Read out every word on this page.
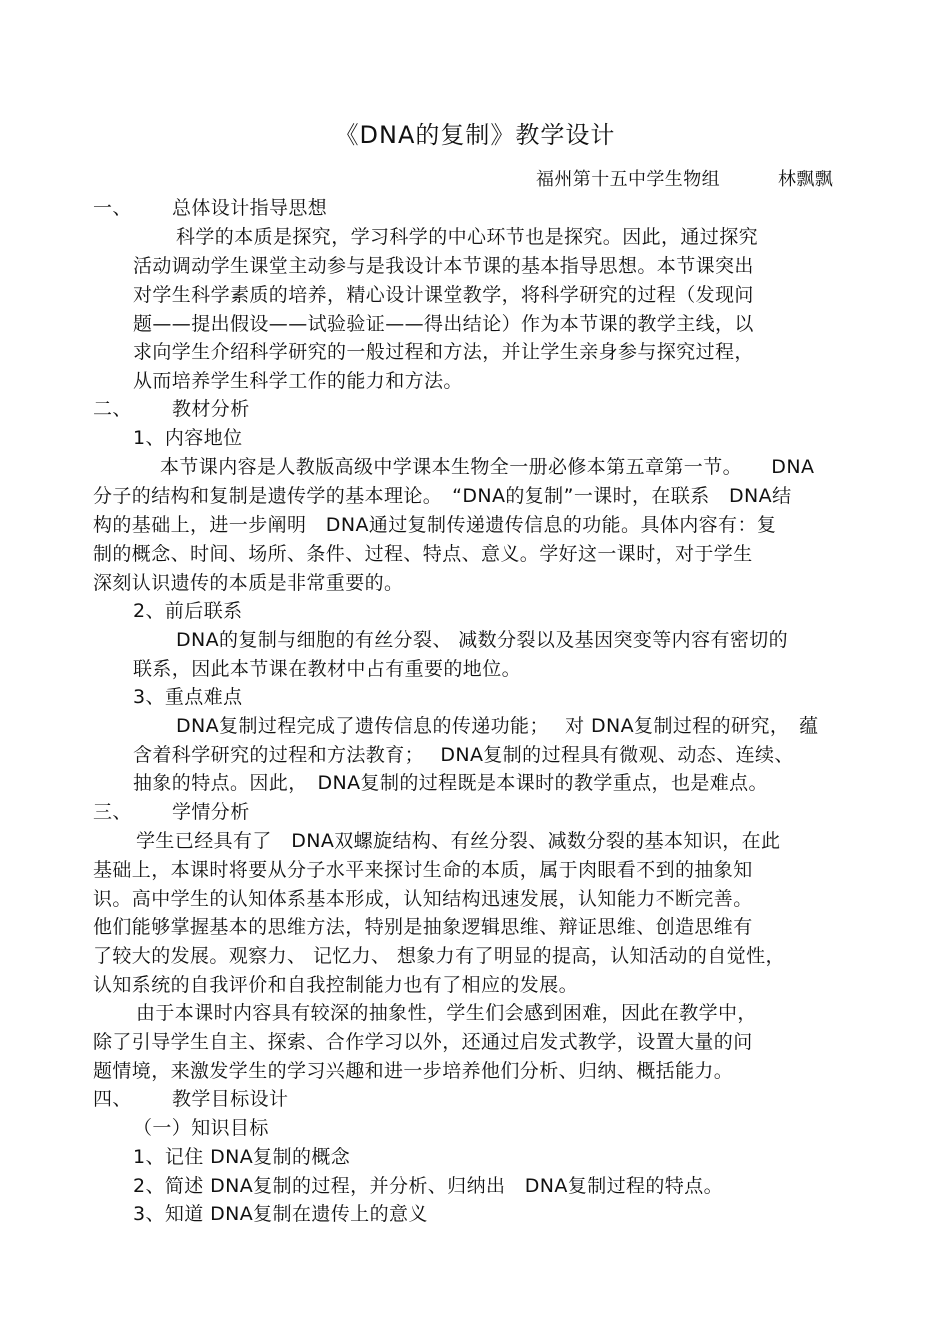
《DNA的复制》教学设计
福州第十五中学生物组	林飘飘
一、 总体设计指导思想
科学的本质是探究，学习科学的中心环节也是探究。因此，通过探究
活动调动学生课堂主动参与是我设计本节课的基本指导思想。本节课突出
对学生科学素质的培养，精心设计课堂教学，将科学研究的过程（发现问
题——提出假设——试验验证——得出结论）作为本节课的教学主线，以
求向学生介绍科学研究的一般过程和方法，并让学生亲身参与探究过程，
从而培养学生科学工作的能力和方法。
二、 教材分析
1、内容地位
本节课内容是人教版高级中学课本生物全一册必修本第五章第一节。　　DNA
分子的结构和复制是遗传学的基本理论。　“DNA的复制”一课时，在联系　DNA结
构的基础上，进一步阐明　DNA通过复制传递遗传信息的功能。具体内容有：复
制的概念、时间、场所、条件、过程、特点、意义。学好这一课时，对于学生
深刻认识遗传的本质是非常重要的。
2、前后联系
DNA的复制与细胞的有丝分裂、 减数分裂以及基因突变等内容有密切的
联系，因此本节课在教材中占有重要的地位。
3、重点难点
DNA复制过程完成了遗传信息的传递功能；　 对 DNA复制过程的研究，　蕴
含着科学研究的过程和方法教育；　 DNA复制的过程具有微观、动态、连续、
抽象的特点。因此，　DNA复制的过程既是本课时的教学重点，也是难点。
三、 学情分析
学生已经具有了　DNA双螺旋结构、有丝分裂、减数分裂的基本知识，在此
基础上，本课时将要从分子水平来探讨生命的本质，属于肉眼看不到的抽象知
识。高中学生的认知体系基本形成，认知结构迅速发展，认知能力不断完善。
他们能够掌握基本的思维方法，特别是抽象逻辑思维、辩证思维、创造思维有
了较大的发展。观察力、 记忆力、 想象力有了明显的提高，认知活动的自觉性，
认知系统的自我评价和自我控制能力也有了相应的发展。
由于本课时内容具有较深的抽象性，学生们会感到困难，因此在教学中，
除了引导学生自主、探索、合作学习以外，还通过启发式教学，设置大量的问
题情境，来激发学生的学习兴趣和进一步培养他们分析、归纳、概括能力。
四、 教学目标设计
（一）知识目标
1、记住 DNA复制的概念
2、简述 DNA复制的过程，并分析、归纳出　DNA复制过程的特点。
3、知道 DNA复制在遗传上的意义
